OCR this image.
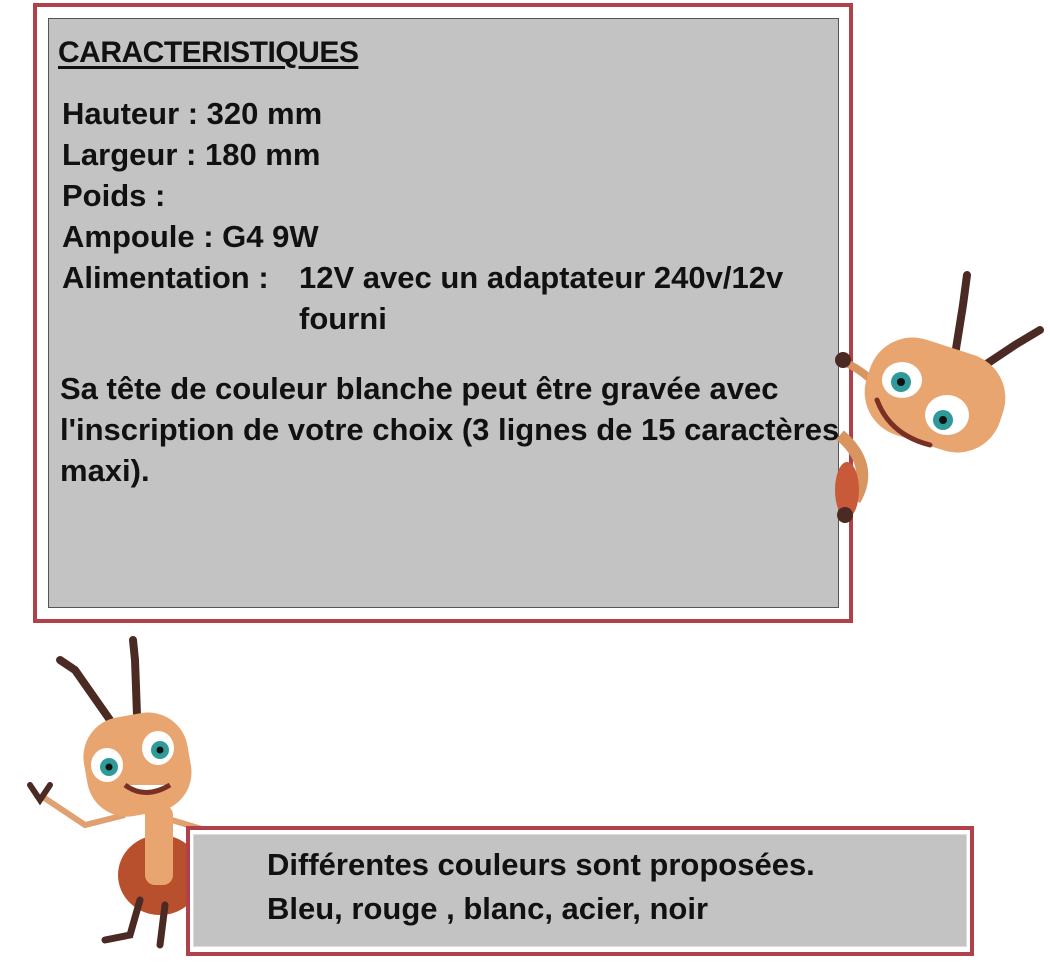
CARACTERISTIQUES
Hauteur : 320 mm
Largeur : 180 mm
Poids :
Ampoule : G4 9W
Alimentation : 12V avec un adaptateur 240v/12v
fourni
Sa tête de couleur blanche peut être gravée avec l'inscription de votre choix (3 lignes de 15 caractères maxi).
Différentes couleurs sont proposées.
Bleu, rouge , blanc, acier, noir
